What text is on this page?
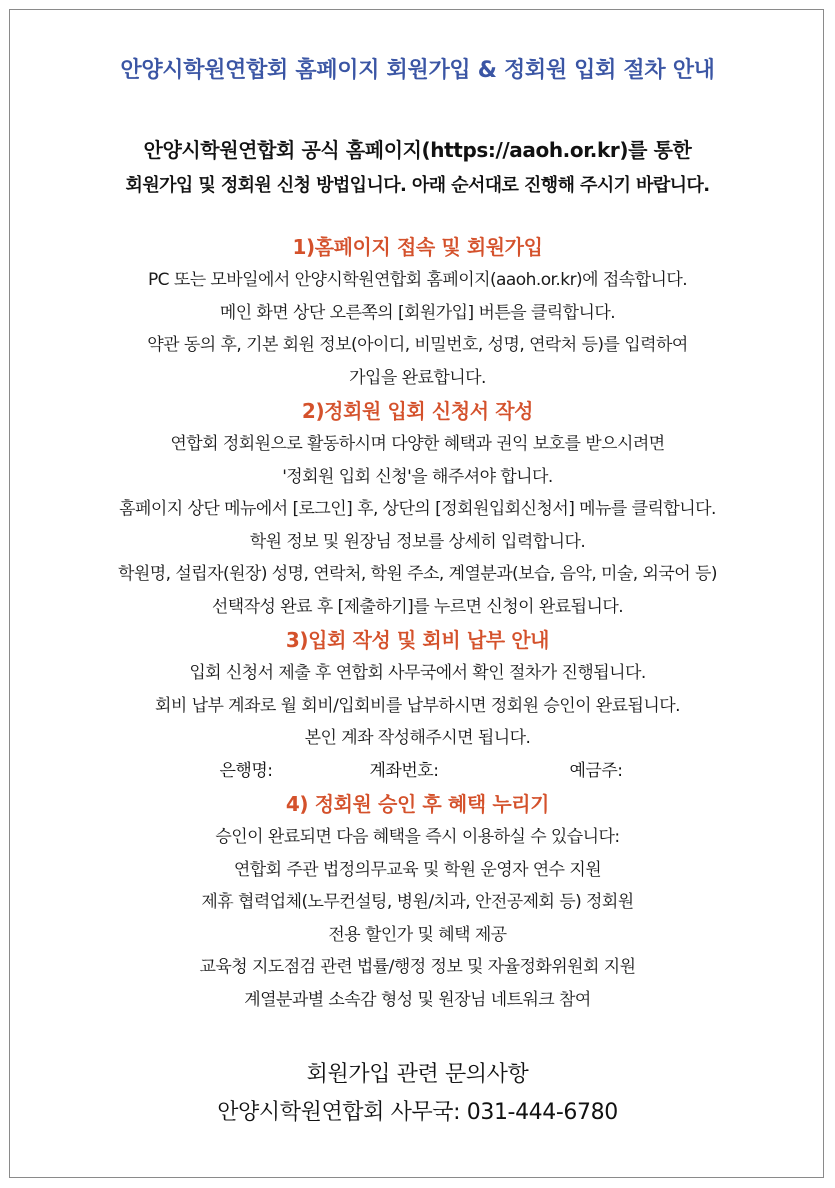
안양시학원연합회 홈페이지 회원가입 & 정회원 입회 절차 안내
안양시학원연합회 공식 홈페이지(https://aaoh.or.kr)를 통한
회원가입 및 정회원 신청 방법입니다. 아래 순서대로 진행해 주시기 바랍니다.
1)홈페이지 접속 및 회원가입
PC 또는 모바일에서 안양시학원연합회 홈페이지(aaoh.or.kr)에 접속합니다.
메인 화면 상단 오른쪽의 [회원가입] 버튼을 클릭합니다.
약관 동의 후, 기본 회원 정보(아이디, 비밀번호, 성명, 연락처 등)를 입력하여
가입을 완료합니다.
2)정회원 입회 신청서 작성
연합회 정회원으로 활동하시며 다양한 혜택과 권익 보호를 받으시려면
'정회원 입회 신청'을 해주셔야 합니다.
홈페이지 상단 메뉴에서 [로그인] 후, 상단의 [정회원입회신청서] 메뉴를 클릭합니다.
학원 정보 및 원장님 정보를 상세히 입력합니다.
학원명, 설립자(원장) 성명, 연락처, 학원 주소, 계열분과(보습, 음악, 미술, 외국어 등)
선택작성 완료 후 [제출하기]를 누르면 신청이 완료됩니다.
3)입회 작성 및 회비 납부 안내
입회 신청서 제출 후 연합회 사무국에서 확인 절차가 진행됩니다.
회비 납부 계좌로 월 회비/입회비를 납부하시면 정회원 승인이 완료됩니다.
본인 계좌 작성해주시면 됩니다.
은행명:	계좌번호:	예금주:
4) 정회원 승인 후 혜택 누리기
승인이 완료되면 다음 혜택을 즉시 이용하실 수 있습니다:
연합회 주관 법정의무교육 및 학원 운영자 연수 지원
제휴 협력업체(노무컨설팅, 병원/치과, 안전공제회 등) 정회원
전용 할인가 및 혜택 제공
교육청 지도점검 관련 법률/행정 정보 및 자율정화위원회 지원
계열분과별 소속감 형성 및 원장님 네트워크 참여
회원가입 관련 문의사항
안양시학원연합회 사무국: 031-444-6780
